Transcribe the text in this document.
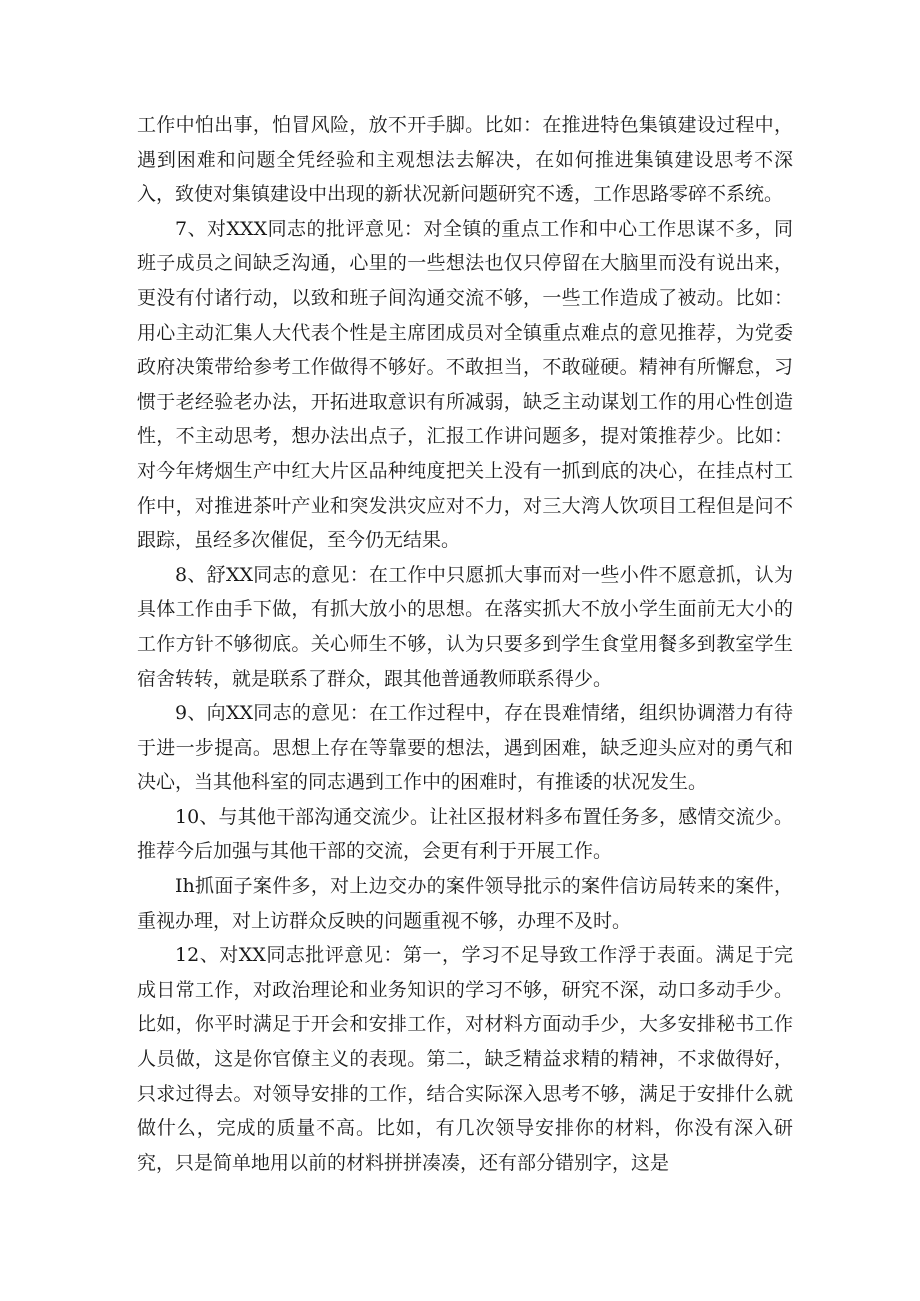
工作中怕出事，怕冒风险，放不开手脚。比如：在推进特色集镇建设过程中，遇到困难和问题全凭经验和主观想法去解决，在如何推进集镇建设思考不深入，致使对集镇建设中出现的新状况新问题研究不透，工作思路零碎不系统。

7、对XXX同志的批评意见：对全镇的重点工作和中心工作思谋不多，同班子成员之间缺乏沟通，心里的一些想法也仅只停留在大脑里而没有说出来，更没有付诸行动，以致和班子间沟通交流不够，一些工作造成了被动。比如：用心主动汇集人大代表个性是主席团成员对全镇重点难点的意见推荐，为党委政府决策带给参考工作做得不够好。不敢担当，不敢碰硬。精神有所懈怠，习惯于老经验老办法，开拓进取意识有所减弱，缺乏主动谋划工作的用心性创造性，不主动思考，想办法出点子，汇报工作讲问题多，提对策推荐少。比如：对今年烤烟生产中红大片区品种纯度把关上没有一抓到底的决心，在挂点村工作中，对推进茶叶产业和突发洪灾应对不力，对三大湾人饮项目工程但是问不跟踪，虽经多次催促，至今仍无结果。

8、舒XX同志的意见：在工作中只愿抓大事而对一些小件不愿意抓，认为具体工作由手下做，有抓大放小的思想。在落实抓大不放小学生面前无大小的工作方针不够彻底。关心师生不够，认为只要多到学生食堂用餐多到教室学生宿舍转转，就是联系了群众，跟其他普通教师联系得少。

9、向XX同志的意见：在工作过程中，存在畏难情绪，组织协调潜力有待于进一步提高。思想上存在等靠要的想法，遇到困难，缺乏迎头应对的勇气和决心，当其他科室的同志遇到工作中的困难时，有推诿的状况发生。

10、与其他干部沟通交流少。让社区报材料多布置任务多，感情交流少。推荐今后加强与其他干部的交流，会更有利于开展工作。

Ih抓面子案件多，对上边交办的案件领导批示的案件信访局转来的案件，重视办理，对上访群众反映的问题重视不够，办理不及时。

12、对XX同志批评意见：第一，学习不足导致工作浮于表面。满足于完成日常工作，对政治理论和业务知识的学习不够，研究不深，动口多动手少。比如，你平时满足于开会和安排工作，对材料方面动手少，大多安排秘书工作人员做，这是你官僚主义的表现。第二，缺乏精益求精的精神，不求做得好，只求过得去。对领导安排的工作，结合实际深入思考不够，满足于安排什么就做什么，完成的质量不高。比如，有几次领导安排你的材料，你没有深入研究，只是简单地用以前的材料拼拼凑凑，还有部分错别字，这是
